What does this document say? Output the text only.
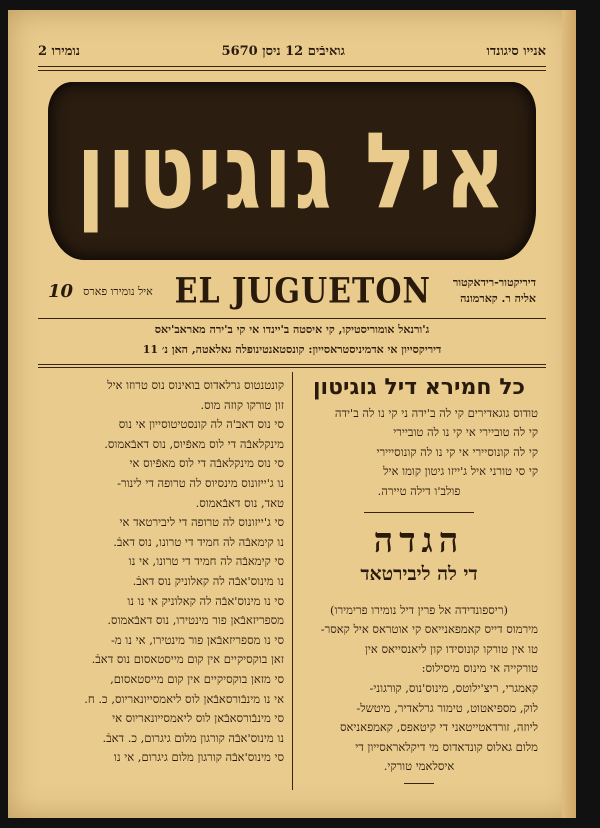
אנייו סיגונדו
גואיבֿים 12 ניסן 5670
נומירו 2
איל גוגיטון
איל נומירו פארס
10	EL JUGUETON דיריקטור-רידאקטור
אליה ר. קארמונה
ג'ורנאל אומוריסטיקו, קי איסטה ב'יינדו אי קי ב'ירה מאראב'יאס
דיריקסייון אי אדמיניסטראסייון: קונסטאנטינופלה גאלאטה, האן נ׳ 11
כל חמירא דיל גוגיטון

טודוס גוגאדירים קי לה ב'ידה ני קי נו לה ב'ידה

קי לה טוביירי אי קי נו לה טוביירי

קי לה קונוסיירי אי קי נו לה קונוסייירי

קי סי טורני איל ג'ייזו גיטון קומו איל

פולב'ו דילה טיירה.

הגדה
די לה ליבירטאד

(ריספונדידה אל פרין דיל נומירו פרימירו)

מירמוס דייס קאמפאנייאס קי אוטראס איל קאסר-

טו אין טורקו קונוסידו קון ליאנסייאס אין

טורקייה אי מינוס מיסילוס:

קאמגרי, ריצ'ילוטס, מינוס'נוס, קורגוני-

לוק, מספיאטוט, טימור גרלאדיר, מיטשל-

ליוזה, זורדאטייטאני די קיטאפס, קאמפאניאס

מלום גאלוס קונדאדוס מי דיקלאראסייון די

איסלאמי טורקי.

קונטנטוס גרלאדוס בואינוס נוס טרוזו איל

זון טורקו קוזה מוס.

סי נוס דאב'ה לה קונסטיטוסייון אי נוס

מינקלאבֿה די לוס מאפֿיוס, נוס דאבֿאמוס.

סי נוס מינקלאבֿה די לוס מאפֿיוס אי

נו ג'ייזונוס מינסיוס לה טרופה די לינור-

טאד, נוס דאבֿאמוס.

סי ג'ייזונוס לה טרופה די ליבירטאד אי

נו קימאבֿה לה חמיד די טרונו, נוס דאבֿ.

סי קימאבֿה לה חמיד די טרונו, אי נו

נו מינוס'אבֿה לה קאלוניק נוס דאבֿ.

סי נו מינוס'אבֿה לה קאלוניק אי נו נו

מספריזאבֿאן פור מינטירו, נוס דאבֿאמוס.

סי נו מספריזאבֿאן פור מינטירו, אי נו מ-

זאן בוקסיקיים אין קום מייסטאסום נוס דאבֿ.

סי מזאן בוקסיקיים אין קום מייסטאסום,

אי נו מינבֿורסאבֿאן לוס ליאמסייונאריוס, כ. ח.

סי מינבֿורסאבֿאן לוס ליאמסייונאריוס אי

נו מינוס'אבֿה קורגון מלום גיגרום, כ. דאבֿ.

סי מינוס'אבֿה קורגון מלום גיגרום, אי נו
